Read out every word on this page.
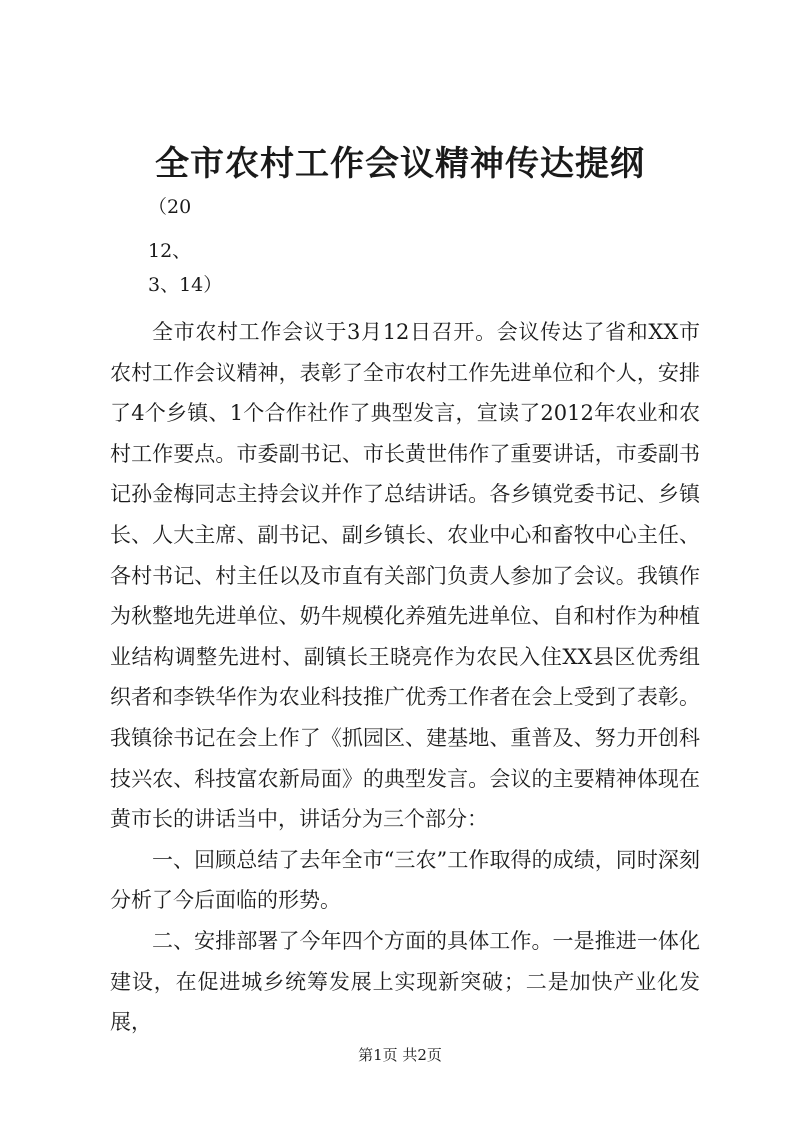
全市农村工作会议精神传达提纲
（20
12、
3、14）

全市农村工作会议于3月12日召开。会议传达了省和XX市农村工作会议精神，表彰了全市农村工作先进单位和个人，安排了4个乡镇、1个合作社作了典型发言，宣读了2012年农业和农村工作要点。市委副书记、市长黄世伟作了重要讲话，市委副书记孙金梅同志主持会议并作了总结讲话。各乡镇党委书记、乡镇长、人大主席、副书记、副乡镇长、农业中心和畜牧中心主任、各村书记、村主任以及市直有关部门负责人参加了会议。我镇作为秋整地先进单位、奶牛规模化养殖先进单位、自和村作为种植业结构调整先进村、副镇长王晓亮作为农民入住XX县区优秀组织者和李铁华作为农业科技推广优秀工作者在会上受到了表彰。我镇徐书记在会上作了《抓园区、建基地、重普及、努力开创科技兴农、科技富农新局面》的典型发言。会议的主要精神体现在黄市长的讲话当中，讲话分为三个部分：

一、回顾总结了去年全市“三农”工作取得的成绩，同时深刻分析了今后面临的形势。

二、安排部署了今年四个方面的具体工作。一是推进一体化建设，在促进城乡统筹发展上实现新突破；二是加快产业化发展，

第1页 共2页
